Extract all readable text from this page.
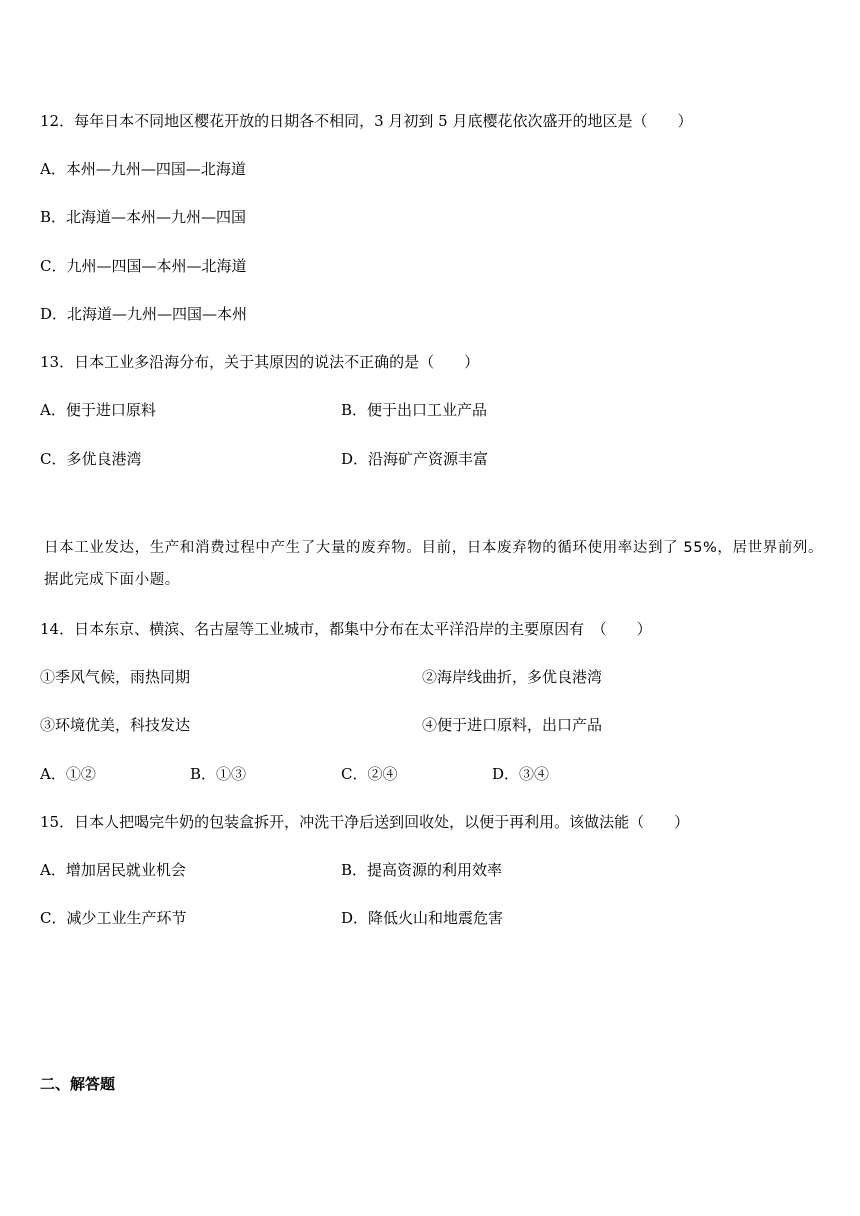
12．每年日本不同地区樱花开放的日期各不相同，3 月初到 5 月底樱花依次盛开的地区是（　　）
A．本州—九州—四国—北海道
B．北海道—本州—九州—四国
C．九州—四国—本州—北海道
D．北海道—九州—四国—本州
13．日本工业多沿海分布，关于其原因的说法不正确的是（　　）
A．便于进口原料	B．便于出口工业产品
C．多优良港湾	D．沿海矿产资源丰富
日本工业发达，生产和消费过程中产生了大量的废弃物。目前，日本废弃物的循环使用率达到了 55%，居世界前列。据此完成下面小题。
14．日本东京、横滨、名古屋等工业城市，都集中分布在太平洋沿岸的主要原因有　（　　）
①季风气候，雨热同期	②海岸线曲折，多优良港湾
③环境优美，科技发达	④便于进口原料，出口产品
A．①②	B．①③	C．②④	D．③④
15．日本人把喝完牛奶的包装盒拆开，冲洗干净后送到回收处，以便于再利用。该做法能（　　）
A．增加居民就业机会	B．提高资源的利用效率
C．减少工业生产环节	D．降低火山和地震危害
二、解答题
